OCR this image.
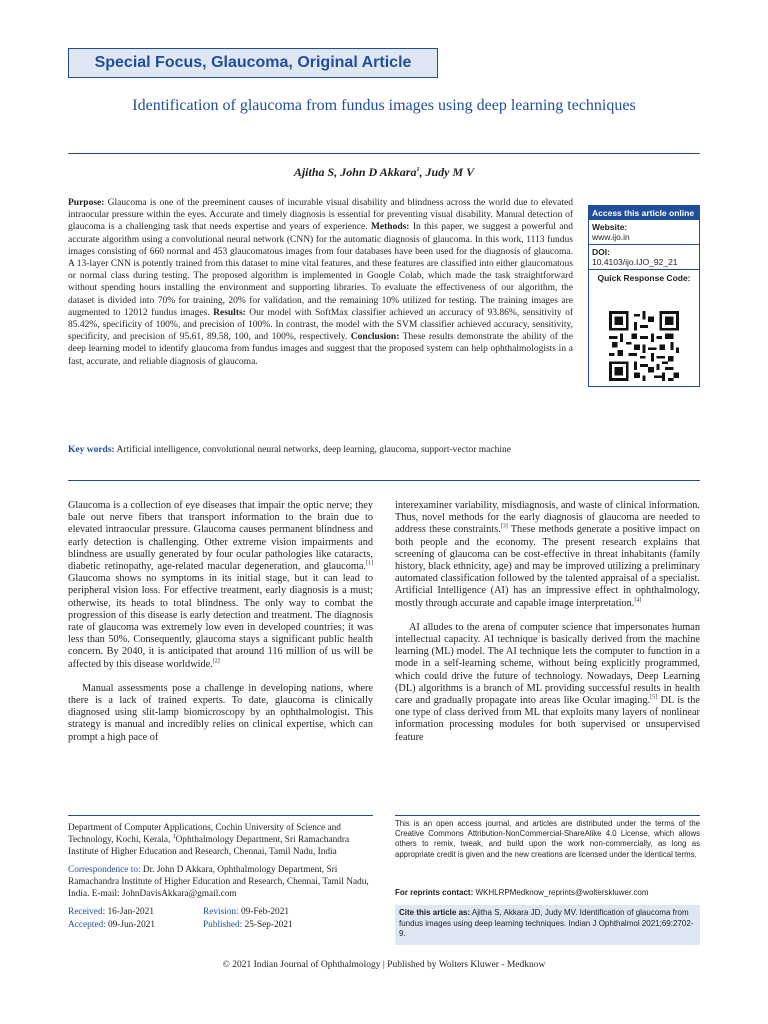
Special Focus, Glaucoma, Original Article
Identification of glaucoma from fundus images using deep learning techniques
Ajitha S, John D Akkara$^1$, Judy M V
Purpose: Glaucoma is one of the preeminent causes of incurable visual disability and blindness across the world due to elevated intraocular pressure within the eyes. Accurate and timely diagnosis is essential for preventing visual disability. Manual detection of glaucoma is a challenging task that needs expertise and years of experience. Methods: In this paper, we suggest a powerful and accurate algorithm using a convolutional neural network (CNN) for the automatic diagnosis of glaucoma. In this work, 1113 fundus images consisting of 660 normal and 453 glaucomatous images from four databases have been used for the diagnosis of glaucoma. A 13-layer CNN is potently trained from this dataset to mine vital features, and these features are classified into either glaucomatous or normal class during testing. The proposed algorithm is implemented in Google Colab, which made the task straightforward without spending hours installing the environment and supporting libraries. To evaluate the effectiveness of our algorithm, the dataset is divided into 70% for training, 20% for validation, and the remaining 10% utilized for testing. The training images are augmented to 12012 fundus images. Results: Our model with SoftMax classifier achieved an accuracy of 93.86%, sensitivity of 85.42%, specificity of 100%, and precision of 100%. In contrast, the model with the SVM classifier achieved accuracy, sensitivity, specificity, and precision of 95.61, 89.58, 100, and 100%, respectively. Conclusion: These results demonstrate the ability of the deep learning model to identify glaucoma from fundus images and suggest that the proposed system can help ophthalmologists in a fast, accurate, and reliable diagnosis of glaucoma.
Key words: Artificial intelligence, convolutional neural networks, deep learning, glaucoma, support-vector machine
Access this article online
Website:
www.ijo.in
DOI:
10.4103/ijo.IJO_92_21
Quick Response Code:

Glaucoma is a collection of eye diseases that impair the optic nerve; they bale out nerve fibers that transport information to the brain due to elevated intraocular pressure. Glaucoma causes permanent blindness and early detection is challenging. Other extreme vision impairments and blindness are usually generated by four ocular pathologies like cataracts, diabetic retinopathy, age-related macular degeneration, and glaucoma.[1] Glaucoma shows no symptoms in its initial stage, but it can lead to peripheral vision loss. For effective treatment, early diagnosis is a must; otherwise, its heads to total blindness. The only way to combat the progression of this disease is early detection and treatment. The diagnosis rate of glaucoma was extremely low even in developed countries; it was less than 50%. Consequently, glaucoma stays a significant public health concern. By 2040, it is anticipated that around 116 million of us will be affected by this disease worldwide.[2]

Manual assessments pose a challenge in developing nations, where there is a lack of trained experts. To date, glaucoma is clinically diagnosed using slit-lamp biomicroscopy by an ophthalmologist. This strategy is manual and incredibly relies on clinical expertise, which can prompt a high pace of

interexaminer variability, misdiagnosis, and waste of clinical information. Thus, novel methods for the early diagnosis of glaucoma are needed to address these constraints.[3] These methods generate a positive impact on both people and the economy. The present research explains that screening of glaucoma can be cost-effective in threat inhabitants (family history, black ethnicity, age) and may be improved utilizing a preliminary automated classification followed by the talented appraisal of a specialist. Artificial Intelligence (AI) has an impressive effect in ophthalmology, mostly through accurate and capable image interpretation.[4]

AI alludes to the arena of computer science that impersonates human intellectual capacity. AI technique is basically derived from the machine learning (ML) model. The AI technique lets the computer to function in a mode in a self-learning scheme, without being explicitly programmed, which could drive the future of technology. Nowadays, Deep Learning (DL) algorithms is a branch of ML providing successful results in health care and gradually propagate into areas like Ocular imaging.[5] DL is the one type of class derived from ML that exploits many layers of nonlinear information processing modules for both supervised or unsupervised feature

Department of Computer Applications, Cochin University of Science and Technology, Kochi, Kerala, $^1$Ophthalmology Department, Sri Ramachandra Institute of Higher Education and Research, Chennai, Tamil Nadu, India

Correspondence to: Dr. John D Akkara, Ophthalmology Department, Sri Ramachandra Institute of Higher Education and Research, Chennai, Tamil Nadu, India. E-mail: JohnDavisAkkara@gmail.com

Received: 16-Jan-2021	Revision: 09-Feb-2021
Accepted: 09-Jun-2021	Published: 25-Sep-2021
This is an open access journal, and articles are distributed under the terms of the Creative Commons Attribution-NonCommercial-ShareAlike 4.0 License, which allows others to remix, tweak, and build upon the work non-commercially, as long as appropriate credit is given and the new creations are licensed under the identical terms.
For reprints contact: WKHLRPMedknow_reprints@wolterskluwer.com
Cite this article as: Ajitha S, Akkara JD, Judy MV. Identification of glaucoma from fundus images using deep learning techniques. Indian J Ophthalmol 2021;69:2702-9.
© 2021 Indian Journal of Ophthalmology | Published by Wolters Kluwer - Medknow
